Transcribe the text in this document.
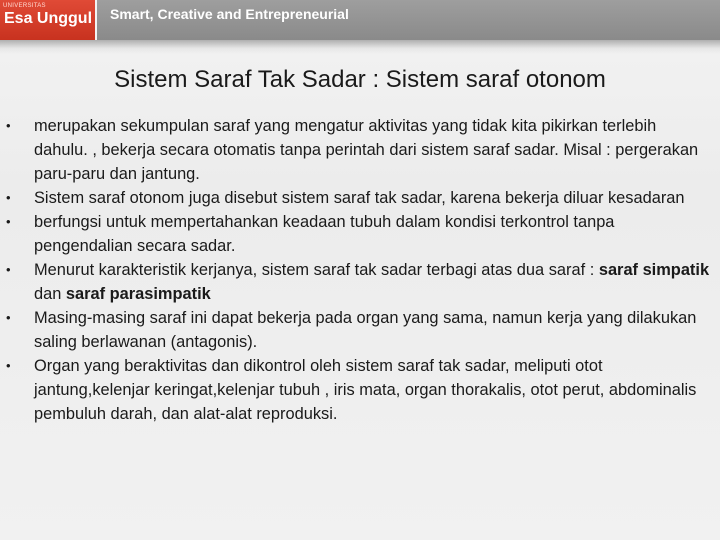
UNIVERSITAS
Esa Unggul Smart, Creative and Entrepreneurial
Sistem Saraf Tak Sadar : Sistem saraf otonom
• merupakan sekumpulan saraf yang mengatur aktivitas yang tidak kita pikirkan terlebih dahulu. , bekerja secara otomatis tanpa perintah dari sistem saraf sadar. Misal : pergerakan paru-paru dan jantung.
• Sistem saraf otonom juga disebut sistem saraf tak sadar, karena bekerja diluar kesadaran
• berfungsi untuk mempertahankan keadaan tubuh dalam kondisi terkontrol tanpa pengendalian secara sadar.
• Menurut karakteristik kerjanya, sistem saraf tak sadar terbagi atas dua saraf : saraf simpatik dan saraf parasimpatik
• Masing-masing saraf ini dapat bekerja pada organ yang sama, namun kerja yang dilakukan saling berlawanan (antagonis).
• Organ yang beraktivitas dan dikontrol oleh sistem saraf tak sadar, meliputi otot jantung,kelenjar keringat,kelenjar tubuh , iris mata, organ thorakalis, otot perut, abdominalis pembuluh darah, dan alat-alat reproduksi.
